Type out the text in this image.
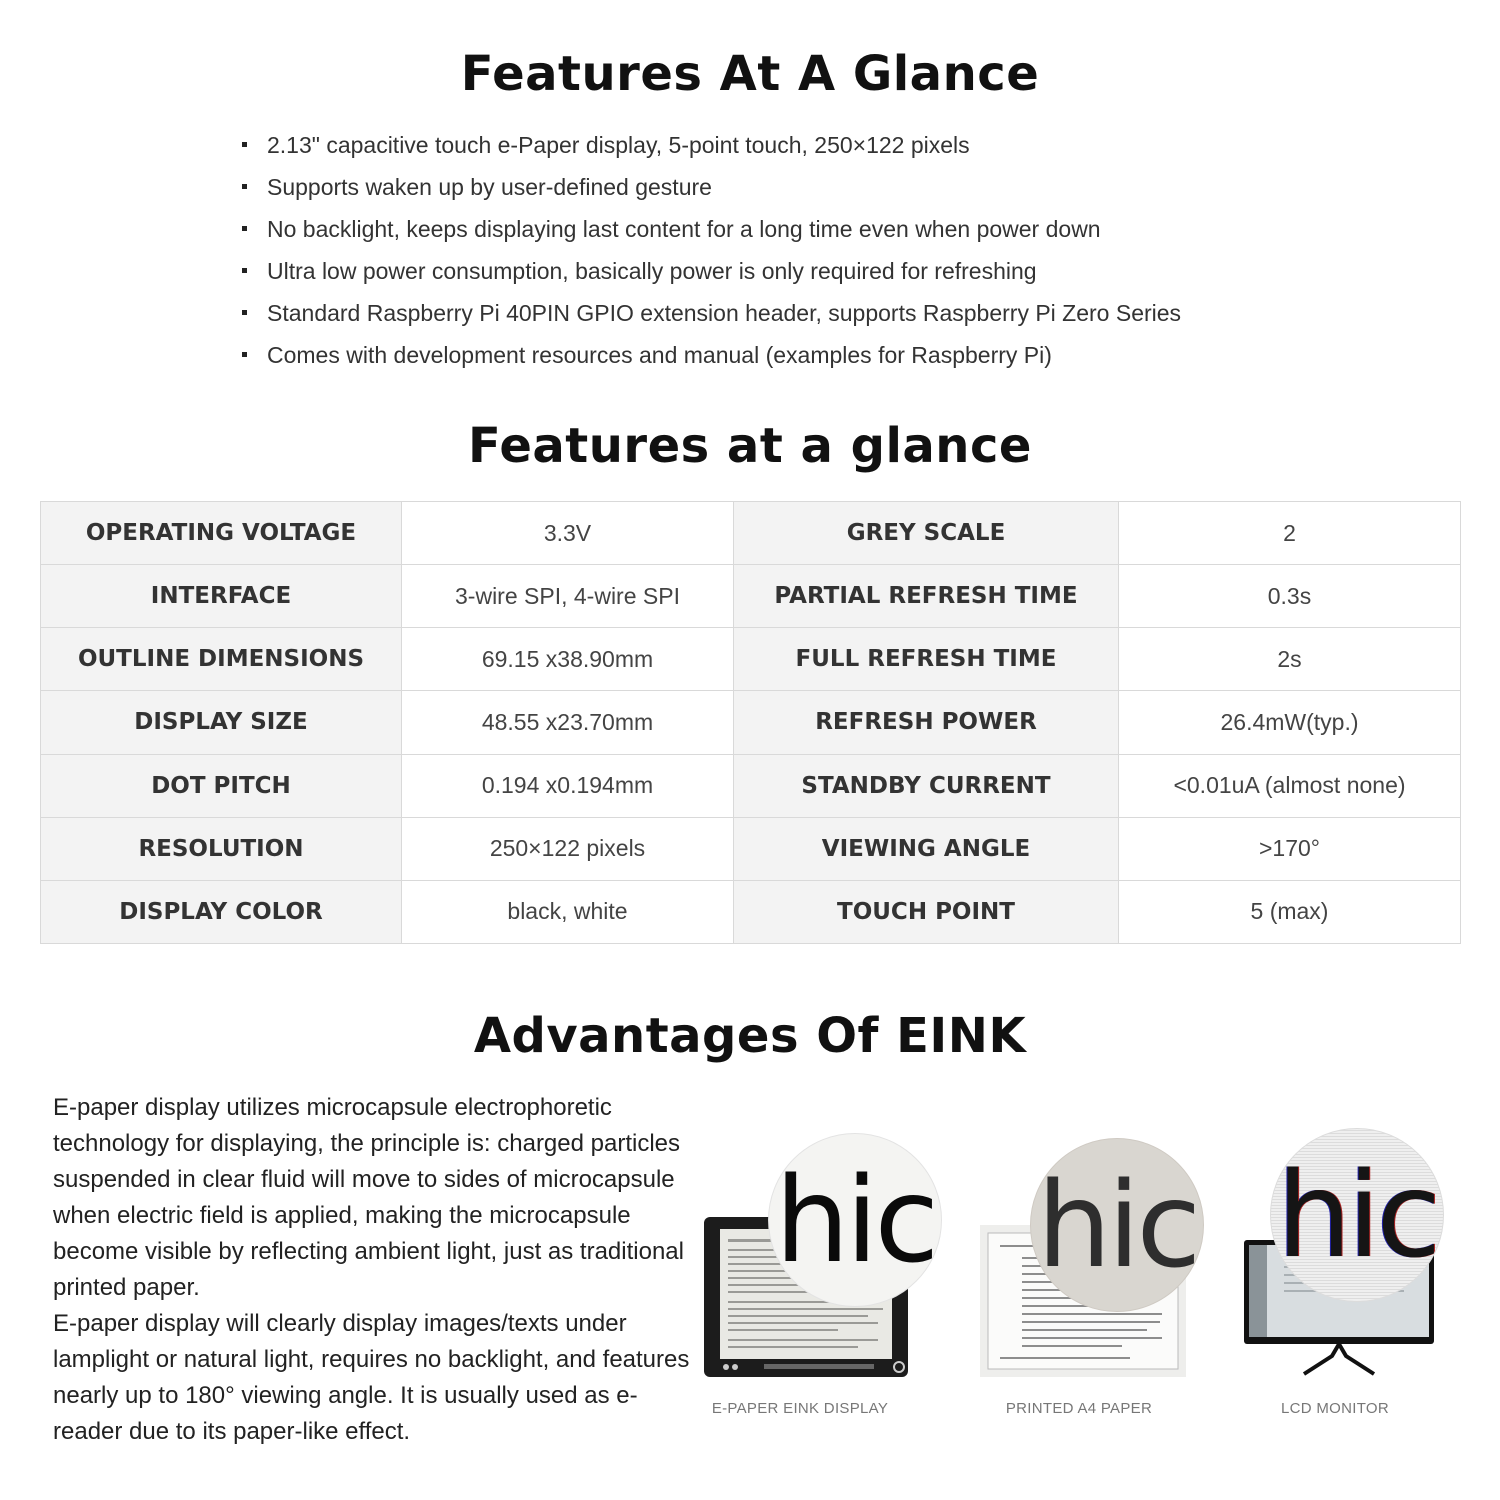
Features At A Glance
2.13" capacitive touch e-Paper display, 5-point touch, 250×122 pixels
Supports waken up by user-defined gesture
No backlight, keeps displaying last content for a long time even when power down
Ultra low power consumption, basically power is only required for refreshing
Standard Raspberry Pi 40PIN GPIO extension header, supports Raspberry Pi Zero Series
Comes with development resources and manual (examples for Raspberry Pi)
Features at a glance
OPERATING VOLTAGE	3.3V	GREY SCALE	2
INTERFACE	3-wire SPI, 4-wire SPI	PARTIAL REFRESH TIME	0.3s
OUTLINE DIMENSIONS	69.15 x38.90mm	FULL REFRESH TIME	2s
DISPLAY SIZE	48.55 x23.70mm	REFRESH POWER	26.4mW(typ.)
DOT PITCH	0.194 x0.194mm	STANDBY CURRENT	<0.01uA (almost none)
RESOLUTION	250×122 pixels	VIEWING ANGLE	>170°
DISPLAY COLOR	black, white	TOUCH POINT	5 (max)
Advantages Of EINK

E-paper display utilizes microcapsule electrophoretic technology for displaying, the principle is: charged particles suspended in clear fluid will move to sides of microcapsule when electric field is applied, making the microcapsule become visible by reflecting ambient light, just as traditional printed paper.

E-paper display will clearly display images/texts under lamplight or natural light, requires no backlight, and features nearly up to 180° viewing angle. It is usually used as e-reader due to its paper-like effect.

hic
E-PAPER EINK DISPLAY
hic
PRINTED A4 PAPER
hic
LCD MONITOR
